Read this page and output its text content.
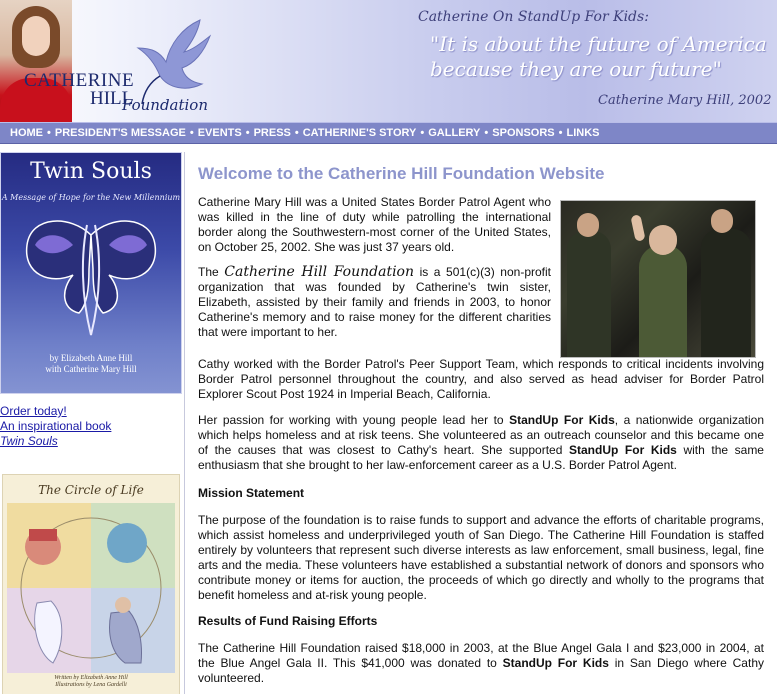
CATHERINE
HILL
Foundation
Catherine On StandUp For Kids:
"It is about the future of America because they are our future"
Catherine Mary Hill, 2002
HOME • PRESIDENT'S MESSAGE • EVENTS • PRESS • CATHERINE'S STORY • GALLERY • SPONSORS • LINKS
Twin Souls
A Message of Hope for the New Millennium
by Elizabeth Anne Hill
with Catherine Mary Hill
Order today!
An inspirational book
Twin Souls
The Circle of Life
Written by Elizabeth Anne Hill
Illustrations by Lena Gardelli
Welcome to the Catherine Hill Foundation Website

Catherine Mary Hill was a United States Border Patrol Agent who was killed in the line of duty while patrolling the international border along the Southwestern-most corner of the United States, on October 25, 2002. She was just 37 years old.

The Catherine Hill Foundation is a 501(c)(3) non-profit organization that was founded by Catherine's twin sister, Elizabeth, assisted by their family and friends in 2003, to honor Catherine's memory and to raise money for the different charities that were important to her.

Cathy worked with the Border Patrol's Peer Support Team, which responds to critical incidents involving Border Patrol personnel throughout the country, and also served as head adviser for Border Patrol Explorer Scout Post 1924 in Imperial Beach, California.

Her passion for working with young people lead her to StandUp For Kids, a nationwide organization which helps homeless and at risk teens. She volunteered as an outreach counselor and this became one of the causes that was closest to Cathy's heart. She supported StandUp For Kids with the same enthusiasm that she brought to her law-enforcement career as a U.S. Border Patrol Agent.

Mission Statement

The purpose of the foundation is to raise funds to support and advance the efforts of charitable programs, which assist homeless and underprivileged youth of San Diego. The Catherine Hill Foundation is staffed entirely by volunteers that represent such diverse interests as law enforcement, small business, legal, fine arts and the media. These volunteers have established a substantial network of donors and sponsors who contribute money or items for auction, the proceeds of which go directly and wholly to the programs that benefit homeless and at-risk young people.

Results of Fund Raising Efforts

The Catherine Hill Foundation raised $18,000 in 2003, at the Blue Angel Gala I and $23,000 in 2004, at the Blue Angel Gala II. This $41,000 was donated to StandUp For Kids in San Diego where Cathy volunteered.
